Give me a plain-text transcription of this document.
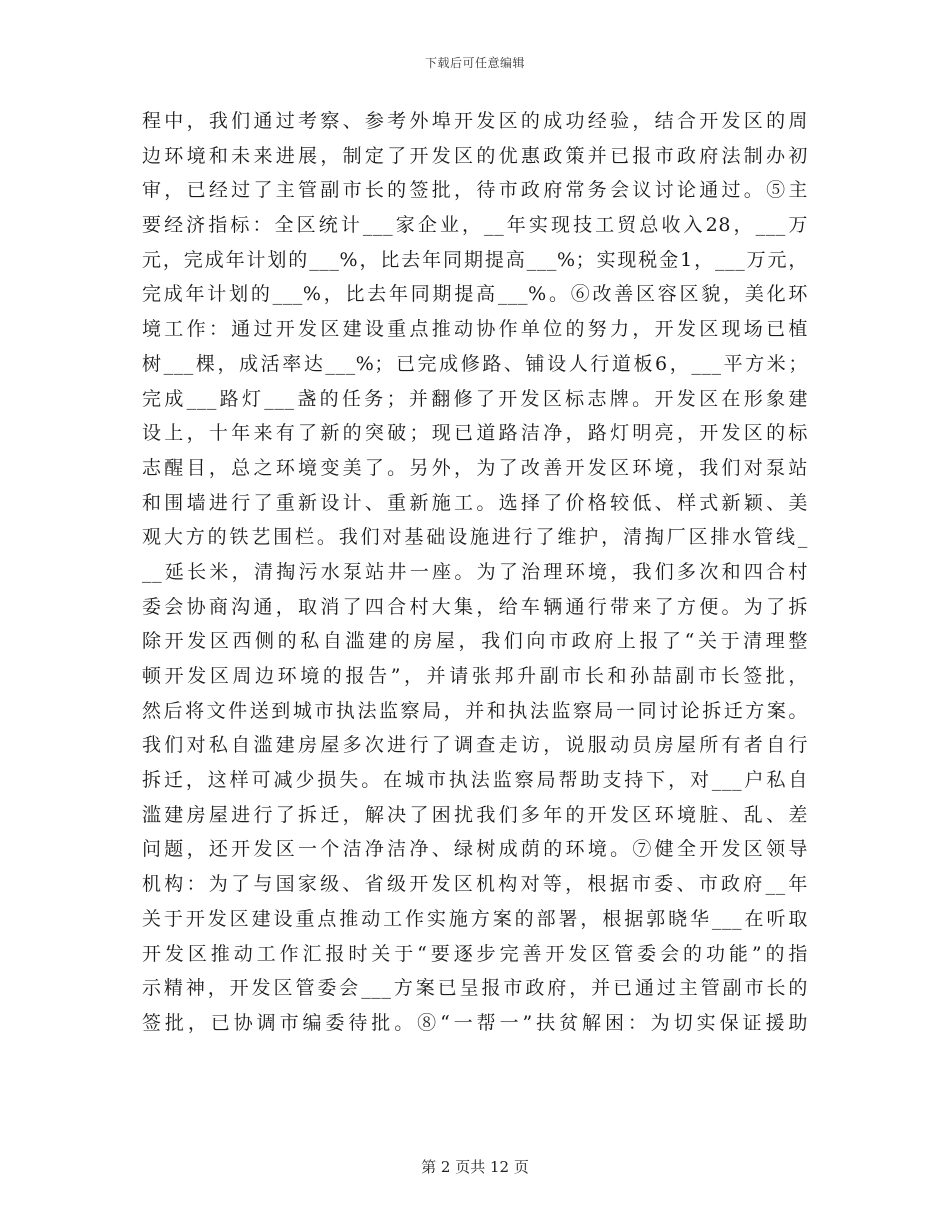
下载后可任意编辑
程中，我们通过考察、参考外埠开发区的成功经验，结合开发区的周
边环境和未来进展，制定了开发区的优惠政策并已报市政府法制办初
审，已经过了主管副市长的签批，待市政府常务会议讨论通过。⑤主
要经济指标：全区统计___家企业，__年实现技工贸总收入28，___万
元，完成年计划的___%，比去年同期提高___%；实现税金1，___万元，
完成年计划的___%，比去年同期提高___%。⑥改善区容区貌，美化环
境工作：通过开发区建设重点推动协作单位的努力，开发区现场已植
树___棵，成活率达___%；已完成修路、铺设人行道板6，___平方米；
完成___路灯___盏的任务；并翻修了开发区标志牌。开发区在形象建
设上，十年来有了新的突破；现已道路洁净，路灯明亮，开发区的标
志醒目，总之环境变美了。另外，为了改善开发区环境，我们对泵站
和围墙进行了重新设计、重新施工。选择了价格较低、样式新颖、美
观大方的铁艺围栏。我们对基础设施进行了维护，清掏厂区排水管线_
__延长米，清掏污水泵站井一座。为了治理环境，我们多次和四合村
委会协商沟通，取消了四合村大集，给车辆通行带来了方便。为了拆
除开发区西侧的私自滥建的房屋，我们向市政府上报了“关于清理整
顿开发区周边环境的报告”，并请张邦升副市长和孙喆副市长签批，
然后将文件送到城市执法监察局，并和执法监察局一同讨论拆迁方案。
我们对私自滥建房屋多次进行了调查走访，说服动员房屋所有者自行
拆迁，这样可减少损失。在城市执法监察局帮助支持下，对___户私自
滥建房屋进行了拆迁，解决了困扰我们多年的开发区环境脏、乱、差
问题，还开发区一个洁净洁净、绿树成荫的环境。⑦健全开发区领导
机构：为了与国家级、省级开发区机构对等，根据市委、市政府__年
关于开发区建设重点推动工作实施方案的部署，根据郭晓华___在听取
开发区推动工作汇报时关于“要逐步完善开发区管委会的功能”的指
示精神，开发区管委会___方案已呈报市政府，并已通过主管副市长的
签批，已协调市编委待批。⑧“一帮一”扶贫解困：为切实保证援助
第 2 页共 12 页
